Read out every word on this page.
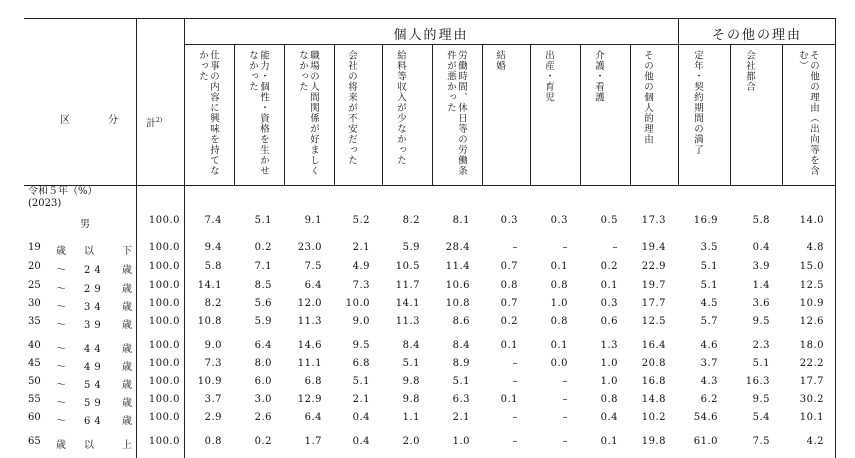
個人的理由	その他の理由
区　　分 計$^{2)}$
令和５年（%）
(2023)
仕事の内容に興味を持てなかった	能力・個性・資格を生かせなかった	職場の人間関係が好ましくなかった	会社の将来が不安だった	給料等収入が少なかった	労働時間、休日等の労働条件が悪かった	結婚	出産・育児	介護・看護	その他の個人的理由	定年・契約期間の満了	会社都合	その他の理由（出向等を含む）
男	100.0	7.4	5.1	9.1	5.2	8.2	8.1	0.3	0.3	0.5	17.3	16.9	5.8	14.0
19 歳　以 下	100.0	9.4	0.2	23.0	2.1	5.9	28.4	–	–	–	19.4	3.5	0.4	4.8
20 ～　24 歳	100.0	5.8	7.1	7.5	4.9	10.5	11.4	0.7	0.1	0.2	22.9	5.1	3.9	15.0
25 ～　29 歳	100.0	14.1	8.5	6.4	7.3	11.7	10.6	0.8	0.8	0.1	19.7	5.1	1.4	12.5
30 ～　34 歳	100.0	8.2	5.6	12.0	10.0	14.1	10.8	0.7	1.0	0.3	17.7	4.5	3.6	10.9
35 ～　39 歳	100.0	10.8	5.9	11.3	9.0	11.3	8.6	0.2	0.8	0.6	12.5	5.7	9.5	12.6
40 ～　44 歳	100.0	9.0	6.4	14.6	9.5	8.4	8.4	0.1	0.1	1.3	16.4	4.6	2.3	18.0
45 ～　49 歳	100.0	7.3	8.0	11.1	6.8	5.1	8.9	–	0.0	1.0	20.8	3.7	5.1	22.2
50 ～　54 歳	100.0	10.9	6.0	6.8	5.1	9.8	5.1	–	–	1.0	16.8	4.3	16.3	17.7
55 ～　59 歳	100.0	3.7	3.0	12.9	2.1	9.8	6.3	0.1	–	0.8	14.8	6.2	9.5	30.2
60 ～　64 歳	100.0	2.9	2.6	6.4	0.4	1.1	2.1	–	–	0.4	10.2	54.6	5.4	10.1
65 歳　以 上	100.0	0.8	0.2	1.7	0.4	2.0	1.0	–	–	0.1	19.8	61.0	7.5	4.2
